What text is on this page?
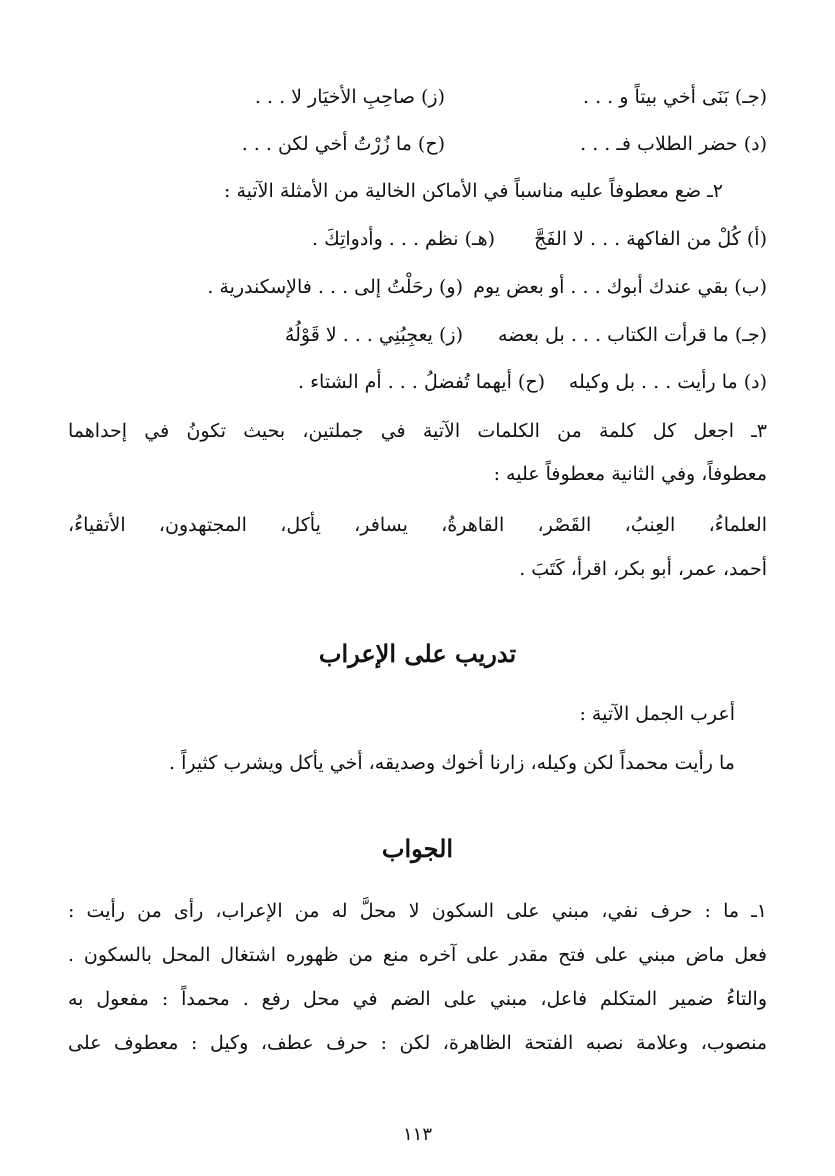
(جـ) بَنَى أخي بيتاً و . . .
(ز) صاحِبِ الأخيَار لا . . .
(د) حضر الطلاب فـ . . .
(ح) ما زُرْتُ أخي لكن . . .
٢ـ ضع معطوفاً عليه مناسباً في الأماكن الخالية من الأمثلة الآتية :
(أ) كُلْ من الفاكهة . . . لا الفَجَّ
(هـ) نظم . . . وأدواتِكَ .
(ب) بقي عندك أبوك . . . أو بعض يوم
(و) رحَلْتُ إلى . . . فالإسكندرية .
(جـ) ما قرأت الكتاب . . . بل بعضه
(ز) يعجِبُنِي . . . لا قَوْلُهُ
(د) ما رأيت . . . بل وكيله
(ح) أيهما تُفضلُ . . . أم الشتاء .
٣ـ اجعل كل كلمة من الكلمات الآتية في جملتين، بحيث تكونُ في إحداهما
معطوفاً، وفي الثانية معطوفاً عليه :
العلماءُ، العِنبُ، القَصْر، القاهرةُ، يسافر، يأكل، المجتهدون، الأتقياءُ،
أحمد، عمر، أبو بكر، اقرأ، كَتَبَ .
تدريب على الإعراب
أعرب الجمل الآتية :
ما رأيت محمداً لكن وكيله، زارنا أخوك وصديقه، أخي يأكل ويشرب كثيراً .
الجواب
١ـ ما : حرف نفي، مبني على السكون لا محلَّ له من الإعراب، رأى من رأيت :
فعل ماض مبني على فتح مقدر على آخره منع من ظهوره اشتغال المحل بالسكون .
والتاءُ ضمير المتكلم فاعل، مبني على الضم في محل رفع . محمداً : مفعول به
منصوب، وعلامة نصبه الفتحة الظاهرة، لكن : حرف عطف، وكيل : معطوف على
١١٣
